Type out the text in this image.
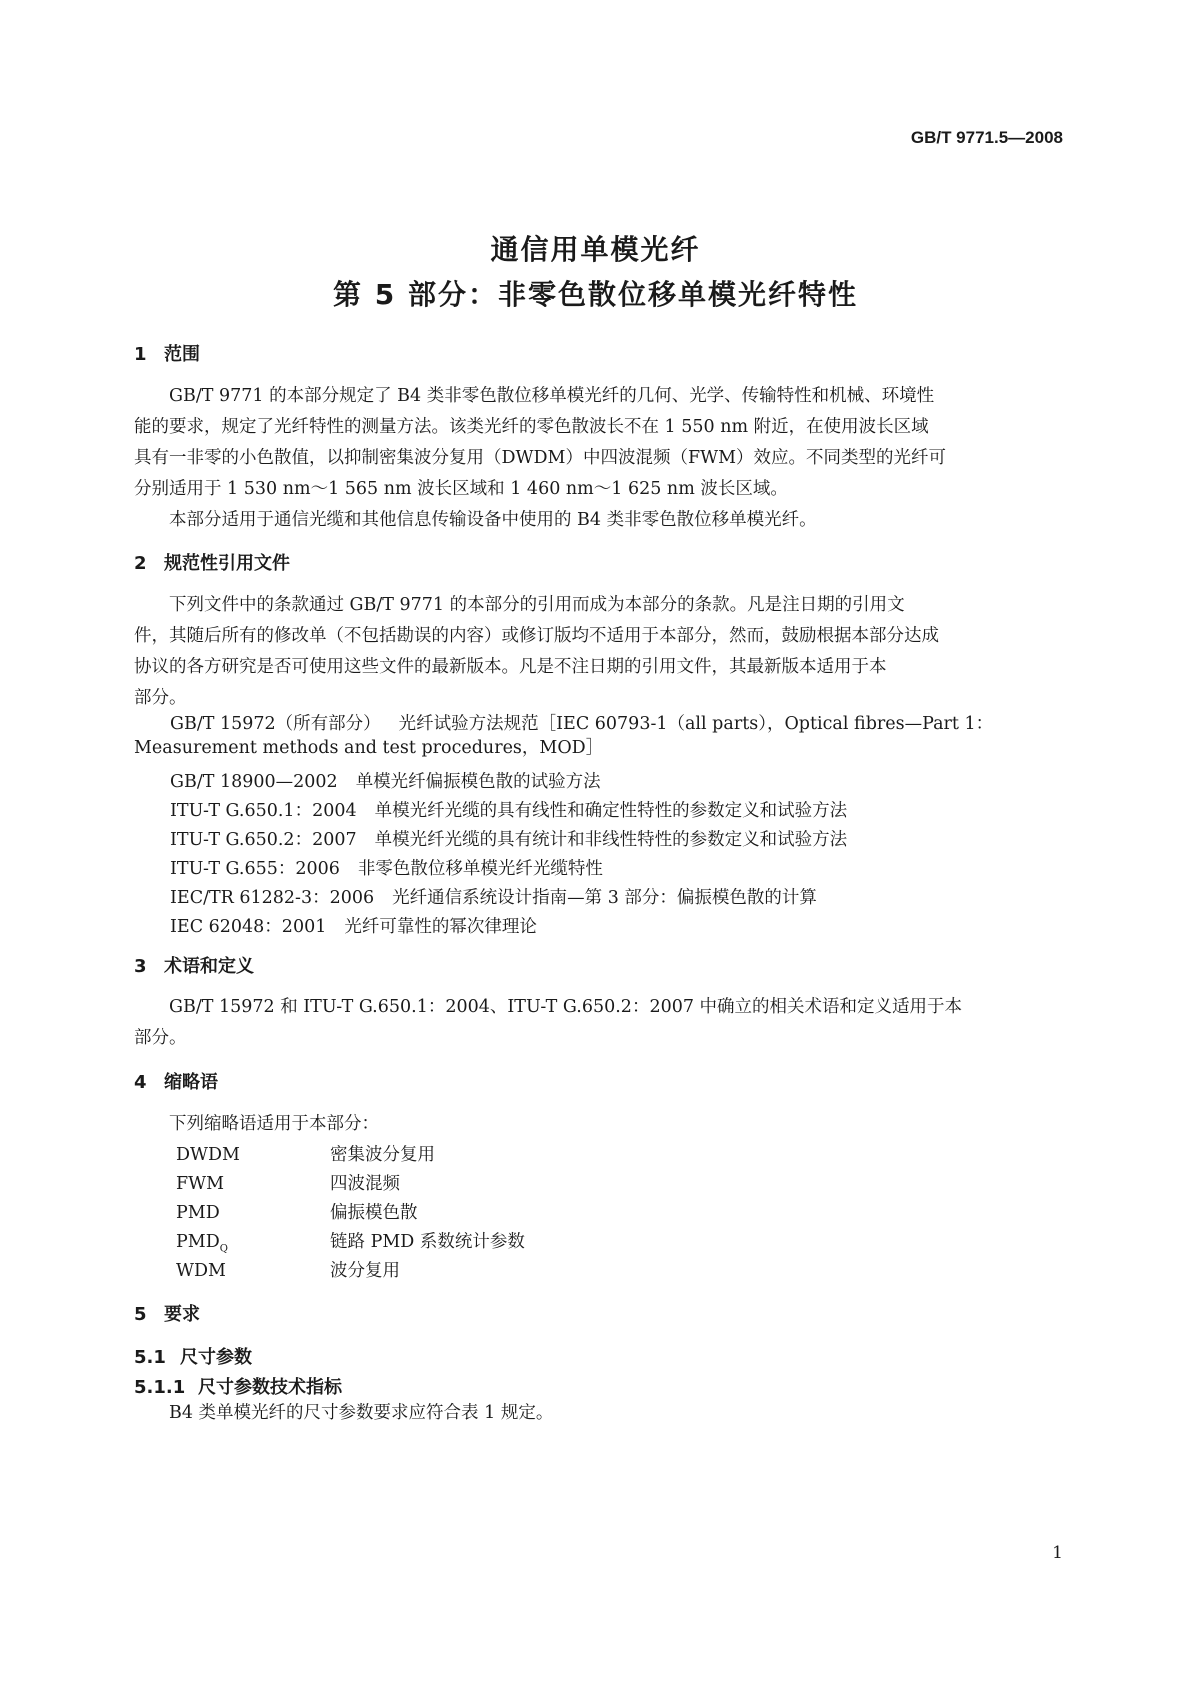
GB/T 9771.5—2008
通信用单模光纤
第 5 部分：非零色散位移单模光纤特性
1 范围
GB/T 9771 的本部分规定了 B4 类非零色散位移单模光纤的几何、光学、传输特性和机械、环境性
能的要求，规定了光纤特性的测量方法。该类光纤的零色散波长不在 1 550 nm 附近，在使用波长区域
具有一非零的小色散值，以抑制密集波分复用（DWDM）中四波混频（FWM）效应。不同类型的光纤可
分别适用于 1 530 nm～1 565 nm 波长区域和 1 460 nm～1 625 nm 波长区域。
本部分适用于通信光缆和其他信息传输设备中使用的 B4 类非零色散位移单模光纤。
2 规范性引用文件
下列文件中的条款通过 GB/T 9771 的本部分的引用而成为本部分的条款。凡是注日期的引用文
件，其随后所有的修改单（不包括勘误的内容）或修订版均不适用于本部分，然而，鼓励根据本部分达成
协议的各方研究是否可使用这些文件的最新版本。凡是不注日期的引用文件，其最新版本适用于本
部分。
GB/T 15972（所有部分） 光纤试验方法规范［IEC 60793-1（all parts），Optical fibres—Part 1：
Measurement methods and test procedures，MOD］
GB/T 18900—2002 单模光纤偏振模色散的试验方法
ITU-T G.650.1：2004 单模光纤光缆的具有线性和确定性特性的参数定义和试验方法
ITU-T G.650.2：2007 单模光纤光缆的具有统计和非线性特性的参数定义和试验方法
ITU-T G.655：2006 非零色散位移单模光纤光缆特性
IEC/TR 61282-3：2006 光纤通信系统设计指南—第 3 部分：偏振模色散的计算
IEC 62048：2001 光纤可靠性的幂次律理论
3 术语和定义
GB/T 15972 和 ITU-T G.650.1：2004、ITU-T G.650.2：2007 中确立的相关术语和定义适用于本
部分。
4 缩略语
下列缩略语适用于本部分：
DWDM	密集波分复用
FWM	四波混频
PMD	偏振模色散
$PMD_Q$	链路 PMD 系数统计参数
WDM	波分复用
5 要求
5.1 尺寸参数
5.1.1 尺寸参数技术指标
B4 类单模光纤的尺寸参数要求应符合表 1 规定。
1
